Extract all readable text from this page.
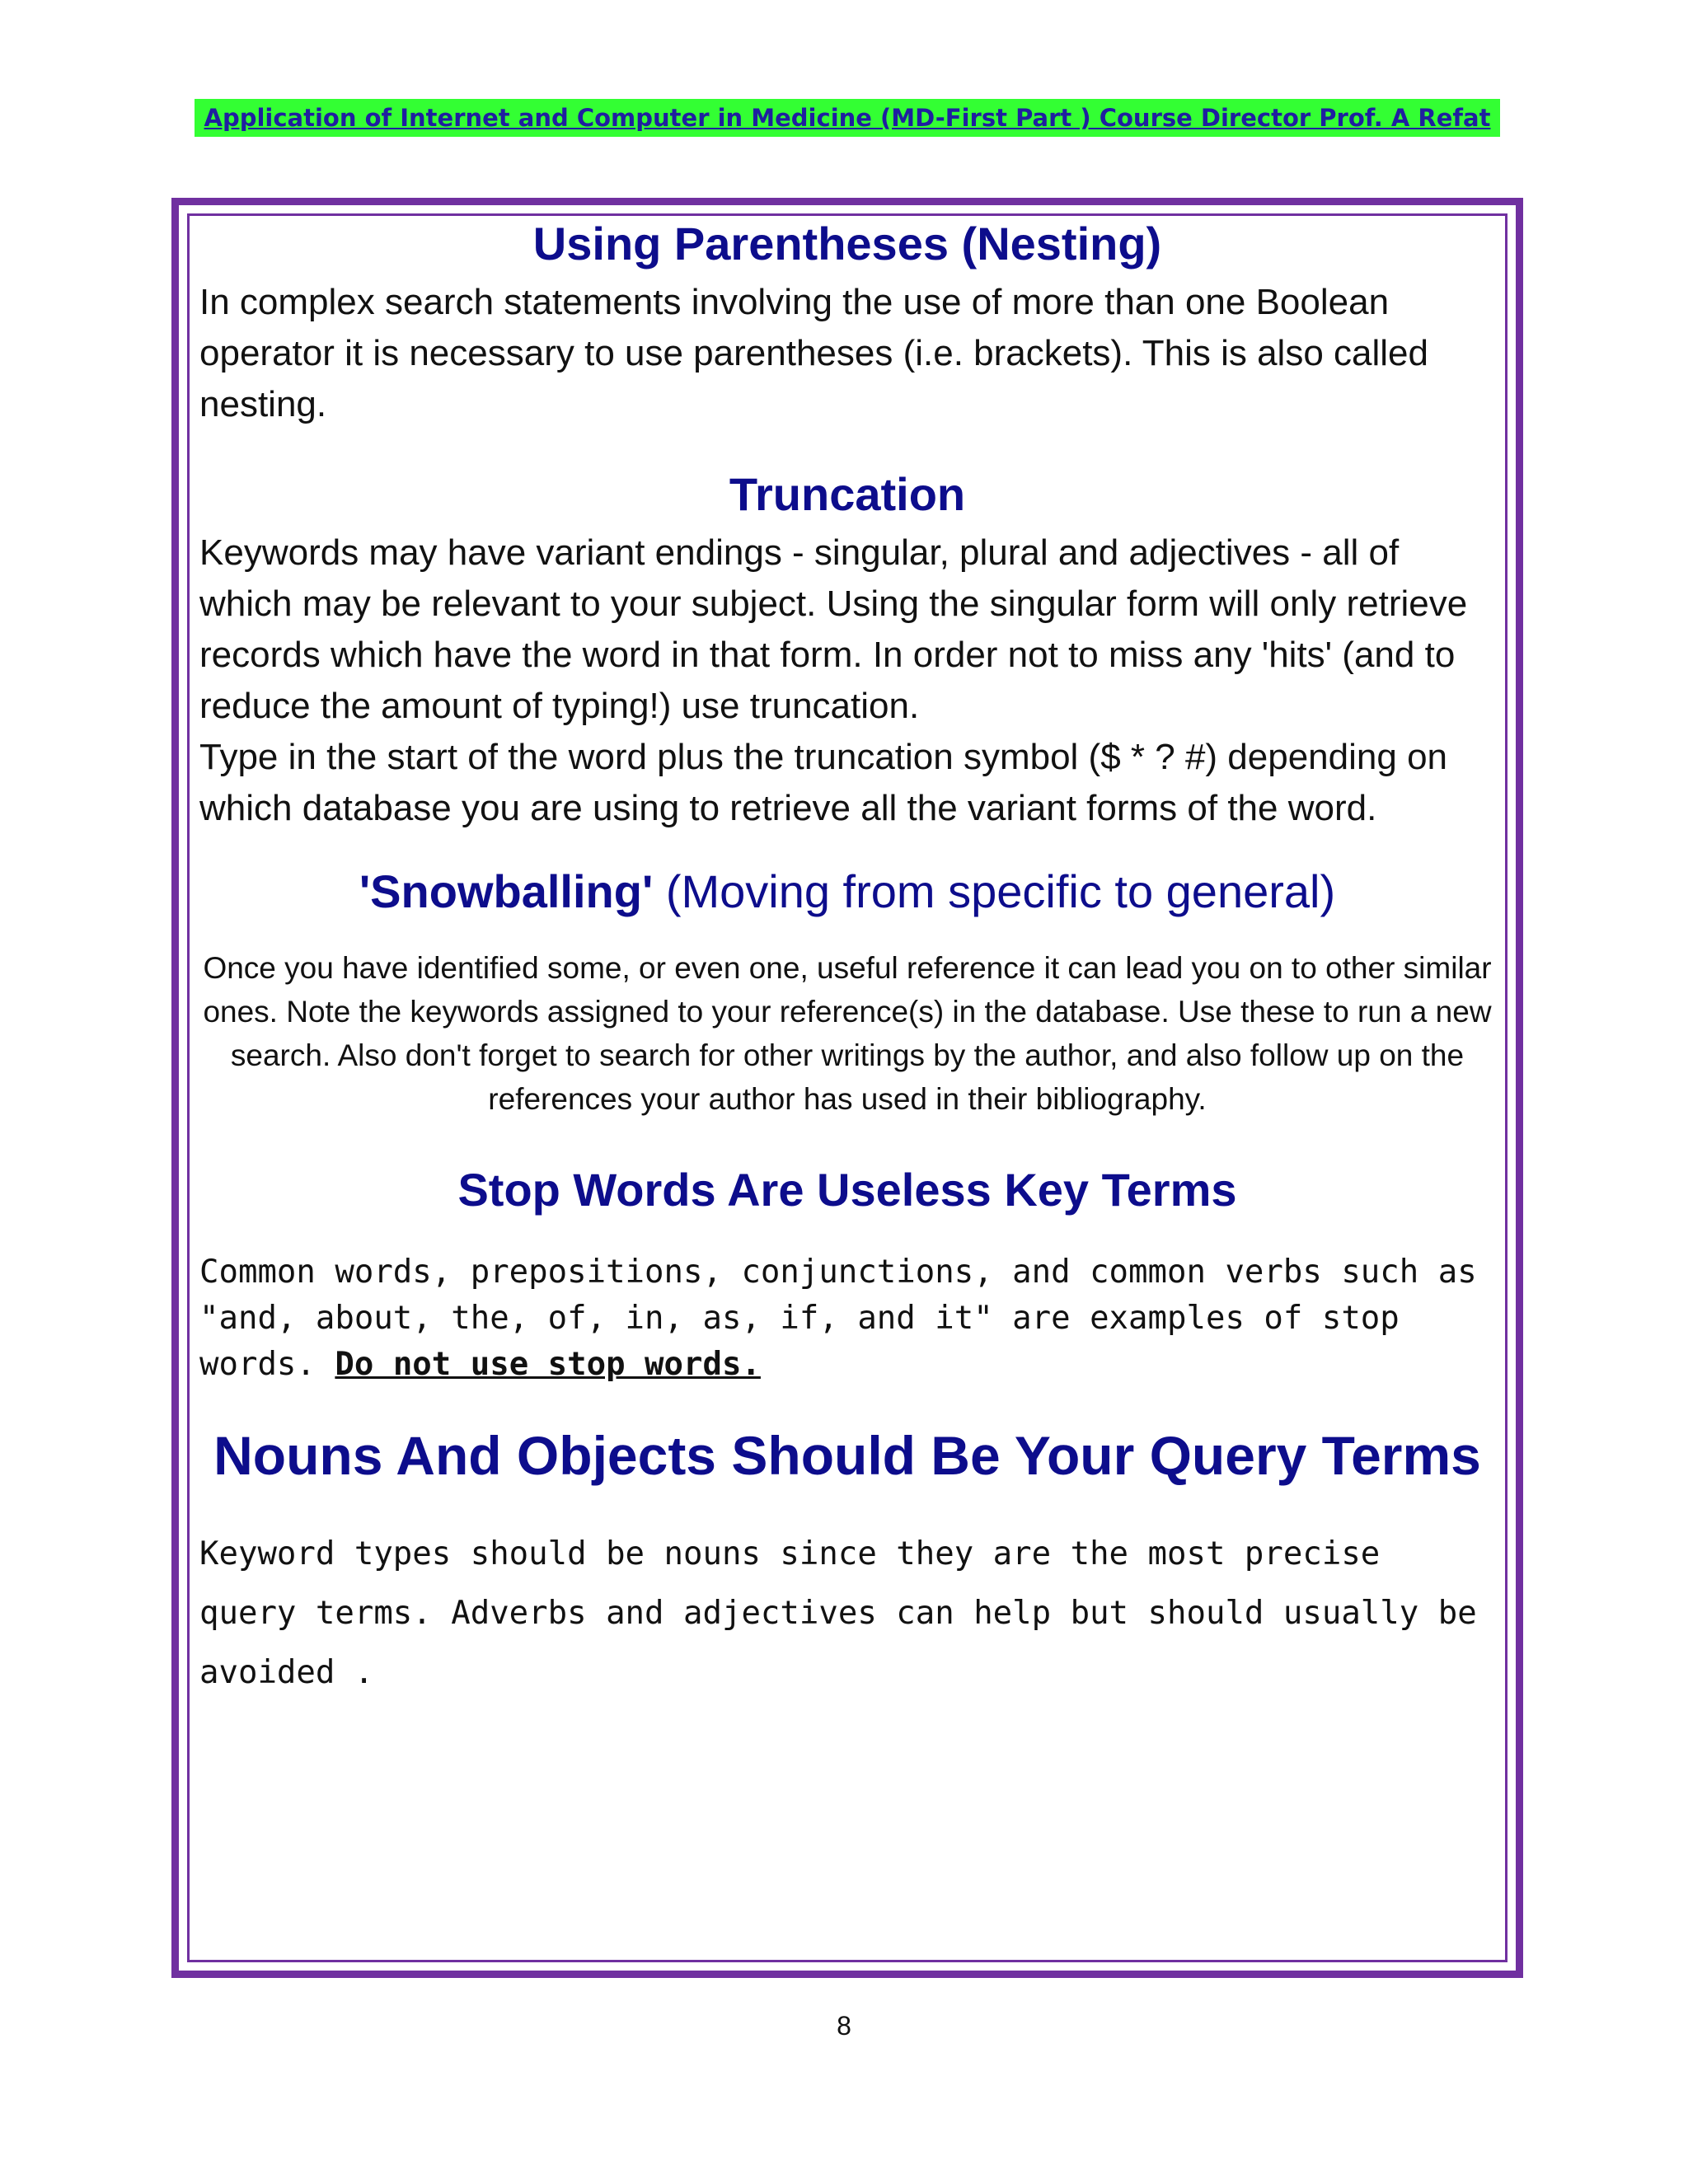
Application of Internet and Computer in Medicine (MD-First Part ) Course Director Prof. A Refat
Using Parentheses (Nesting)

In complex search statements involving the use of more than one Boolean operator it is necessary to use parentheses (i.e. brackets). This is also called nesting.

Truncation

Keywords may have variant endings - singular, plural and adjectives - all of which may be relevant to your subject. Using the singular form will only retrieve records which have the word in that form. In order not to miss any 'hits' (and to reduce the amount of typing!) use truncation.

Type in the start of the word plus the truncation symbol ($ * ? #) depending on which database you are using to retrieve all the variant forms of the word.

'Snowballing' (Moving from specific to general)

Once you have identified some, or even one, useful reference it can lead you on to other similar ones. Note the keywords assigned to your reference(s) in the database. Use these to run a new search. Also don't forget to search for other writings by the author, and also follow up on the references your author has used in their bibliography.

Stop Words Are Useless Key Terms

Common words, prepositions, conjunctions, and common verbs such as "and, about, the, of, in, as, if, and it" are examples of stop words. Do not use stop words.

Nouns And Objects Should Be Your Query Terms

Keyword types should be nouns since they are the most precise query terms. Adverbs and adjectives can help but should usually be avoided .

8
